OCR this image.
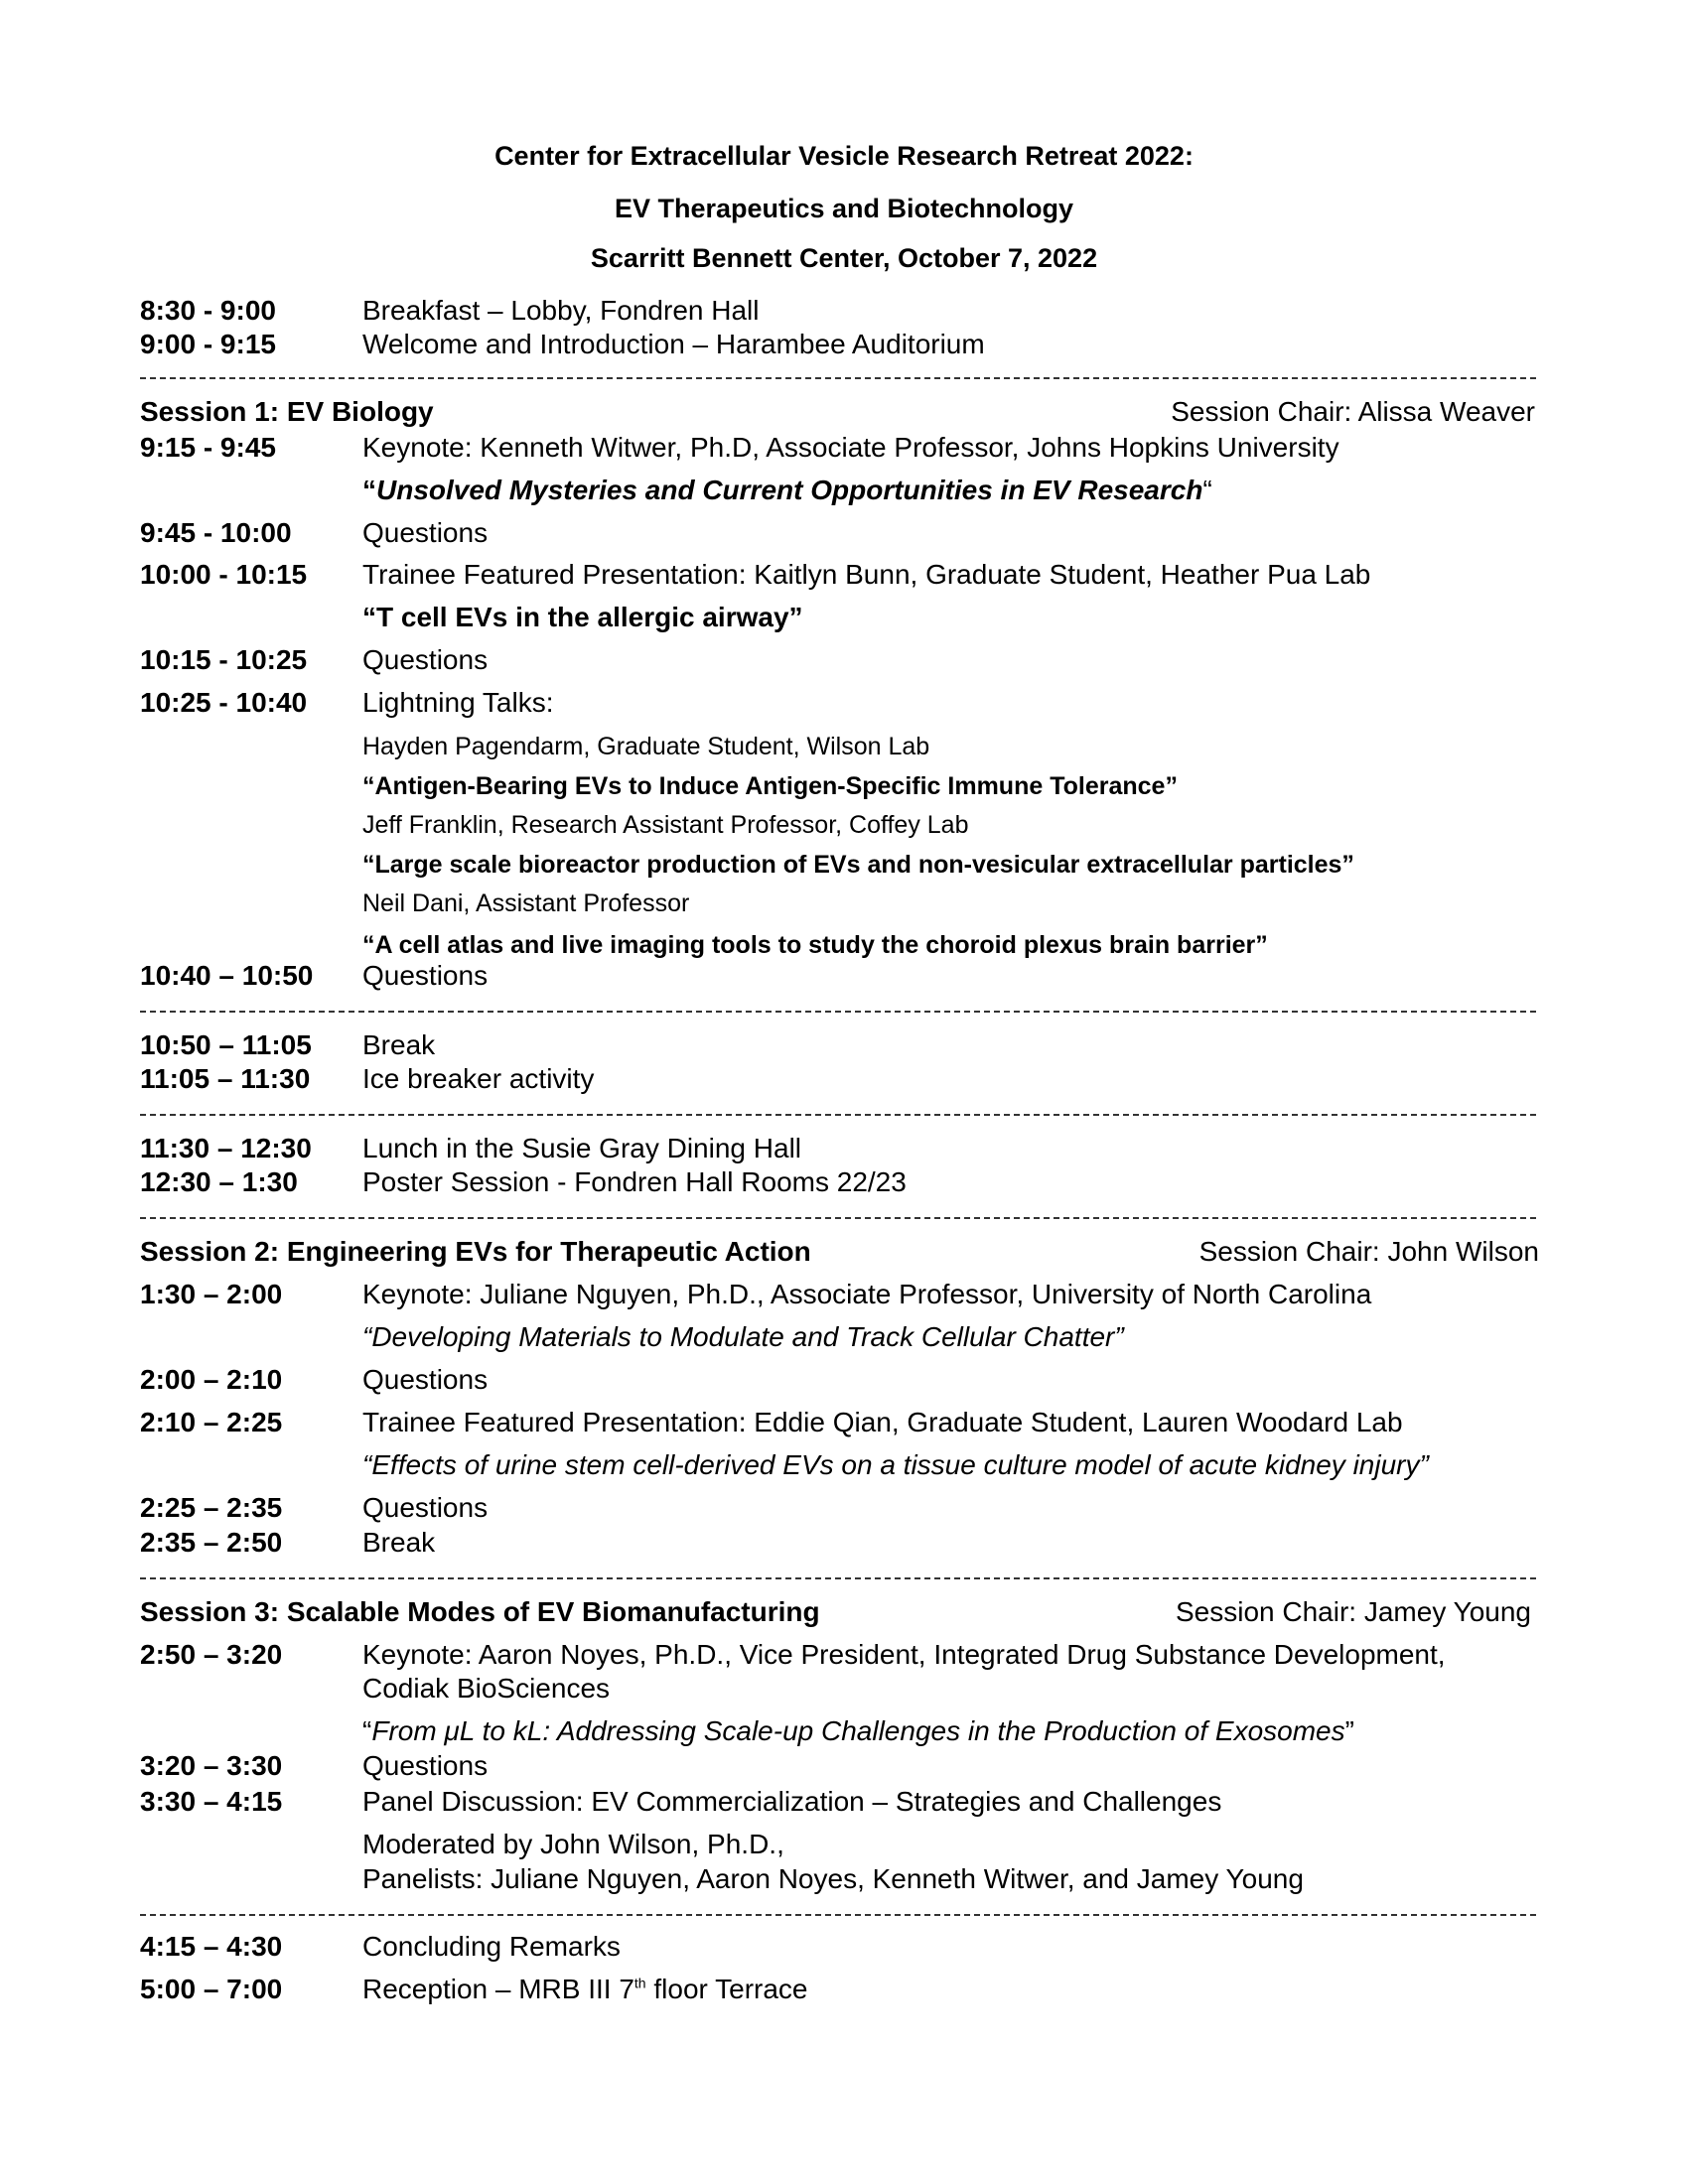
Center for Extracellular Vesicle Research Retreat 2022:
EV Therapeutics and Biotechnology
Scarritt Bennett Center, October 7, 2022
8:30 - 9:00	Breakfast – Lobby, Fondren Hall
9:00 - 9:15	Welcome and Introduction – Harambee Auditorium
Session 1: EV Biology	Session Chair: Alissa Weaver
9:15 - 9:45	Keynote: Kenneth Witwer, Ph.D, Associate Professor, Johns Hopkins University
“Unsolved Mysteries and Current Opportunities in EV Research“
9:45 - 10:00	Questions
10:00 - 10:15 Trainee Featured Presentation: Kaitlyn Bunn, Graduate Student, Heather Pua Lab
“T cell EVs in the allergic airway”
10:15 - 10:25 Questions
10:25 - 10:40 Lightning Talks:
Hayden Pagendarm, Graduate Student, Wilson Lab
“Antigen-Bearing EVs to Induce Antigen-Specific Immune Tolerance”
Jeff Franklin, Research Assistant Professor, Coffey Lab
“Large scale bioreactor production of EVs and non-vesicular extracellular particles”
Neil Dani, Assistant Professor
“A cell atlas and live imaging tools to study the choroid plexus brain barrier”
10:40 – 10:50 Questions
10:50 – 11:05 Break
11:05 – 11:30 Ice breaker activity
11:30 – 12:30 Lunch in the Susie Gray Dining Hall
12:30 – 1:30 Poster Session - Fondren Hall Rooms 22/23
Session 2: Engineering EVs for Therapeutic Action	Session Chair: John Wilson
1:30 – 2:00	Keynote: Juliane Nguyen, Ph.D., Associate Professor, University of North Carolina
“Developing Materials to Modulate and Track Cellular Chatter”
2:00 – 2:10	Questions
2:10 – 2:25	Trainee Featured Presentation: Eddie Qian, Graduate Student, Lauren Woodard Lab
“Effects of urine stem cell-derived EVs on a tissue culture model of acute kidney injury”
2:25 – 2:35	Questions
2:35 – 2:50	Break
Session 3: Scalable Modes of EV Biomanufacturing	Session Chair: Jamey Young
2:50 – 3:20	Keynote: Aaron Noyes, Ph.D., Vice President, Integrated Drug Substance Development,
Codiak BioSciences
“From μL to kL: Addressing Scale-up Challenges in the Production of Exosomes”
3:20 – 3:30	Questions
3:30 – 4:15	Panel Discussion: EV Commercialization – Strategies and Challenges
Moderated by John Wilson, Ph.D.,
Panelists: Juliane Nguyen, Aaron Noyes, Kenneth Witwer, and Jamey Young
4:15 – 4:30	Concluding Remarks
5:00 – 7:00	Reception – MRB III 7th floor Terrace
